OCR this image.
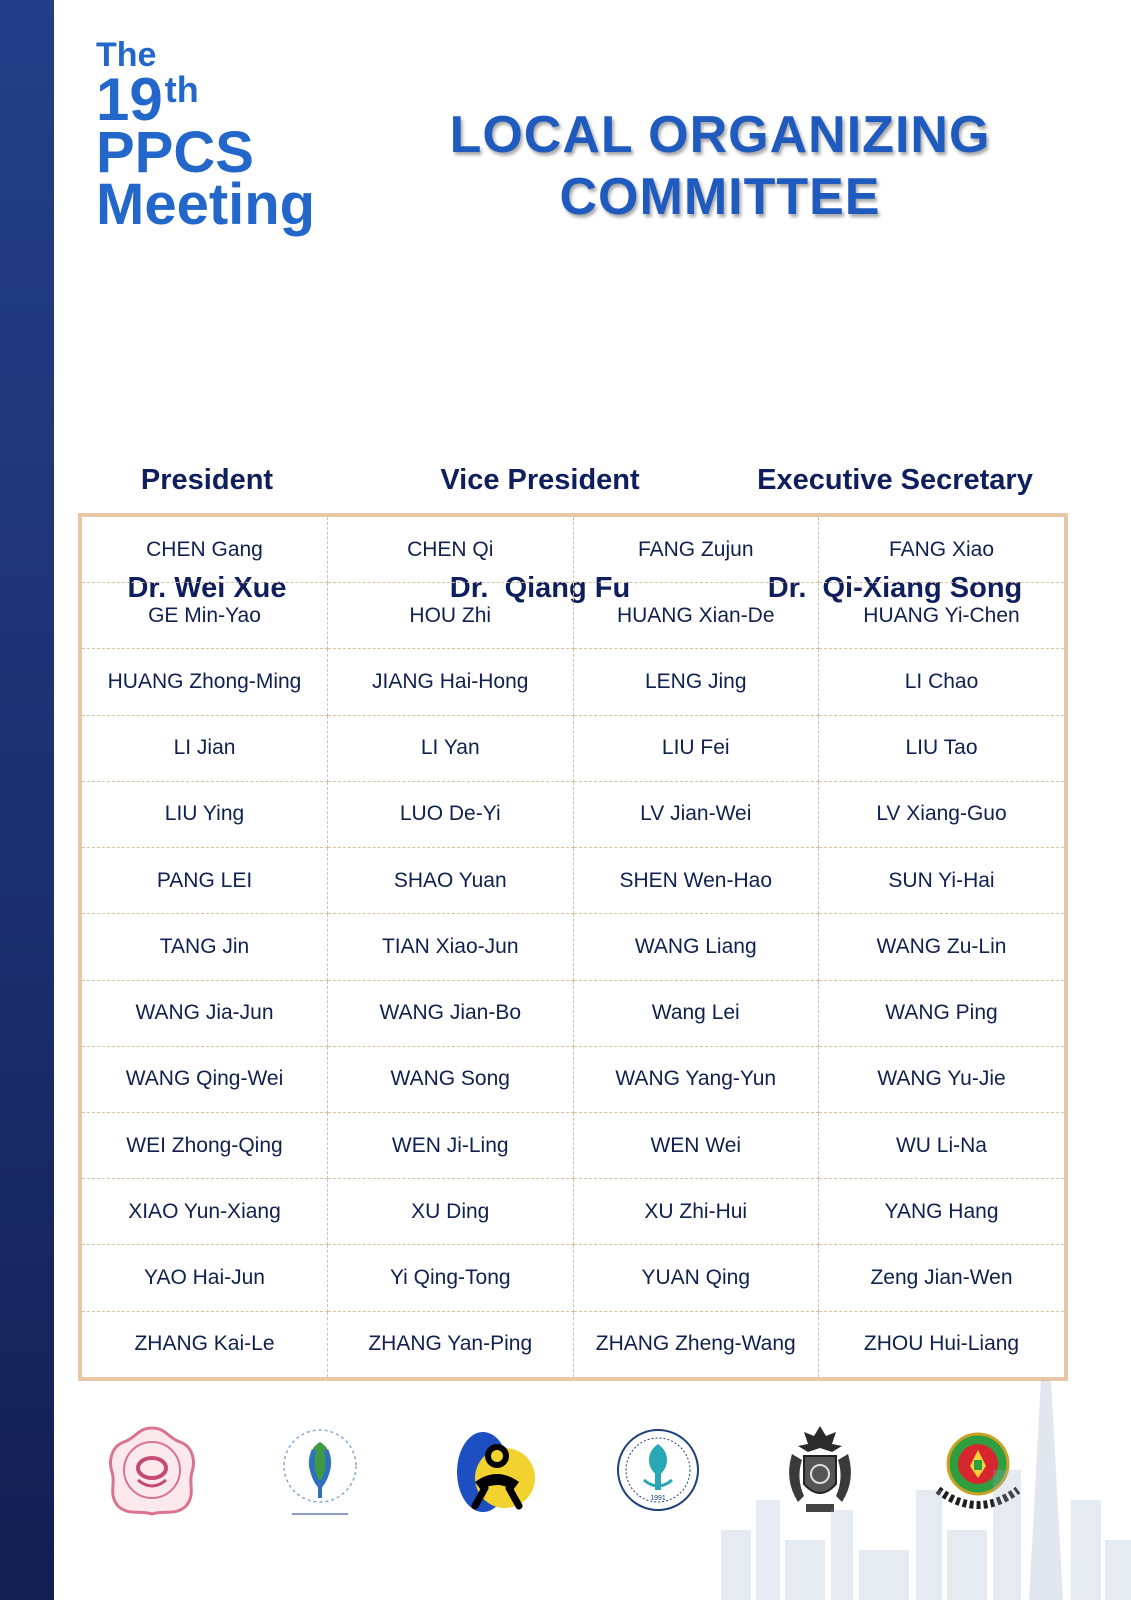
The
19th
PPCS
Meeting
LOCAL ORGANIZING
COMMITTEE

President

Dr. Wei Xue

Vice President

Dr.  Qiang Fu

Executive Secretary

Dr.  Qi-Xiang Song

CHEN Gang	CHEN Qi	FANG Zujun	FANG Xiao
GE Min-Yao	HOU Zhi	HUANG Xian-De	HUANG Yi-Chen
HUANG Zhong-Ming	JIANG Hai-Hong	LENG Jing	LI Chao
LI Jian	LI Yan	LIU Fei	LIU Tao
LIU Ying	LUO De-Yi	LV Jian-Wei	LV Xiang-Guo
PANG LEI	SHAO Yuan	SHEN Wen-Hao	SUN Yi-Hai
TANG Jin	TIAN Xiao-Jun	WANG Liang	WANG Zu-Lin
WANG Jia-Jun	WANG Jian-Bo	Wang Lei	WANG Ping
WANG Qing-Wei	WANG Song	WANG Yang-Yun	WANG Yu-Jie
WEI Zhong-Qing	WEN Ji-Ling	WEN Wei	WU Li-Na
XIAO Yun-Xiang	XU Ding	XU Zhi-Hui	YANG Hang
YAO Hai-Jun	Yi Qing-Tong	YUAN Qing	Zeng Jian-Wen
ZHANG Kai-Le	ZHANG Yan-Ping	ZHANG Zheng-Wang	ZHOU Hui-Liang
1991
